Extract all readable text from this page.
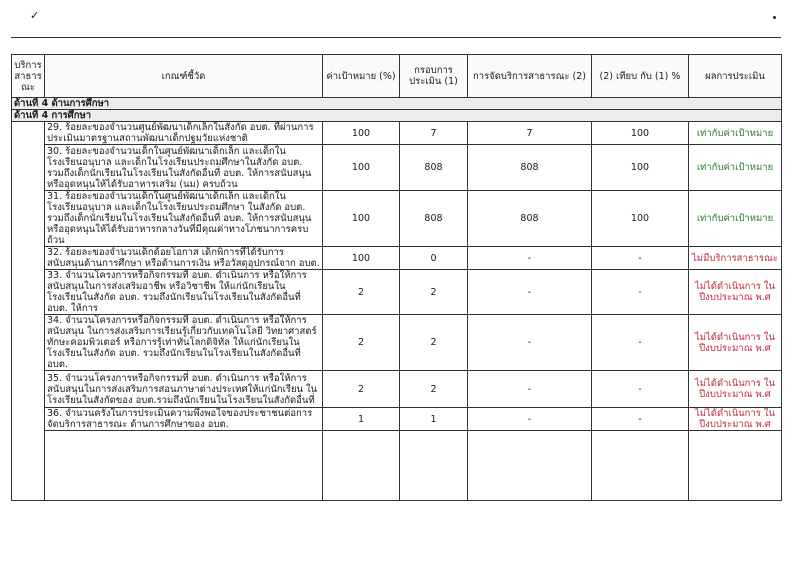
✓
บริการ สาธาร ณะ	เกณฑ์ชี้วัด	ค่าเป้าหมาย (%)	กรอบการ ประเมิน (1)	การจัดบริการสาธารณะ (2)	(2) เทียบ กับ (1) %	ผลการประเมิน
ด้านที่ 4 ด้านการศึกษา						
ด้านที่ 4 การศึกษา						
	29. ร้อยละของจำนวนศูนย์พัฒนาเด็กเล็กในสังกัด อบต. ที่ผ่านการประเมินมาตรฐานสถานพัฒนาเด็กปฐมวัยแห่งชาติ	100	7	7	100	เท่ากับค่าเป้าหมาย
	30. ร้อยละของจำนวนเด็กในศูนย์พัฒนาเด็กเล็ก และเด็กในโรงเรียนอนุบาล และเด็กในโรงเรียนประถมศึกษาในสังกัด อบต. รวมถึงเด็กนักเรียนในโรงเรียนในสังกัดอื่นที่ อบต. ให้การสนับสนุนหรืออุดหนุนให้ได้รับอาหารเสริม (นม) ครบถ้วน	100	808	808	100	เท่ากับค่าเป้าหมาย
	31. ร้อยละของจำนวนเด็กในศูนย์พัฒนาเด็กเล็ก และเด็กในโรงเรียนอนุบาล และเด็กในโรงเรียนประถมศึกษา ในสังกัด อบต. รวมถึงเด็กนักเรียนในโรงเรียนในสังกัดอื่นที่ อบต. ให้การสนับสนุนหรืออุดหนุนให้ได้รับอาหารกลางวันที่มีคุณค่าทางโภชนาการครบถ้วน	100	808	808	100	เท่ากับค่าเป้าหมาย
	32. ร้อยละของจำนวนเด็กด้อยโอกาส เด็กพิการที่ได้รับการสนับสนุนด้านการศึกษา หรือด้านการเงิน หรือวัสดุอุปกรณ์จาก อบต.	100	0	-	-	ไม่มีบริการสาธารณะ
	33. จำนวนโครงการหรือกิจกรรมที่ อบต. ดำเนินการ หรือให้การสนับสนุนในการส่งเสริมอาชีพ หรือวิชาชีพ ให้แก่นักเรียนในโรงเรียนในสังกัด อบต. รวมถึงนักเรียนในโรงเรียนในสังกัดอื่นที่ อบต. ให้การ	2	2	-	-	ไม่ได้ดำเนินการ ในปีงบประมาณ พ.ศ
	34. จำนวนโครงการหรือกิจกรรมที่ อบต. ดำเนินการ หรือให้การสนับสนุน ในการส่งเสริมการเรียนรู้เกี่ยวกับเทคโนโลยี วิทยาศาสตร์ ทักษะคอมพิวเตอร์ หรือการรู้เท่าทันโลกดิจิทัล ให้แก่นักเรียนในโรงเรียนในสังกัด อบต. รวมถึงนักเรียนในโรงเรียนในสังกัดอื่นที่ อบต.	2	2	-	-	ไม่ได้ดำเนินการ ในปีงบประมาณ พ.ศ
	35. จำนวนโครงการหรือกิจกรรมที่ อบต. ดำเนินการ หรือให้การสนับสนุนในการส่งเสริมการสอนภาษาต่างประเทศให้แก่นักเรียน ในโรงเรียนในสังกัดของ อบต.รวมถึงนักเรียนในโรงเรียนในสังกัดอื่นที่	2	2	-	-	ไม่ได้ดำเนินการ ในปีงบประมาณ พ.ศ
	36. จำนวนครั้งในการประเมินความพึงพอใจของประชาชนต่อการจัดบริการสาธารณะ ด้านการศึกษาของ อบต.	1	1	-	-	ไม่ได้ดำเนินการ ในปีงบประมาณ พ.ศ
